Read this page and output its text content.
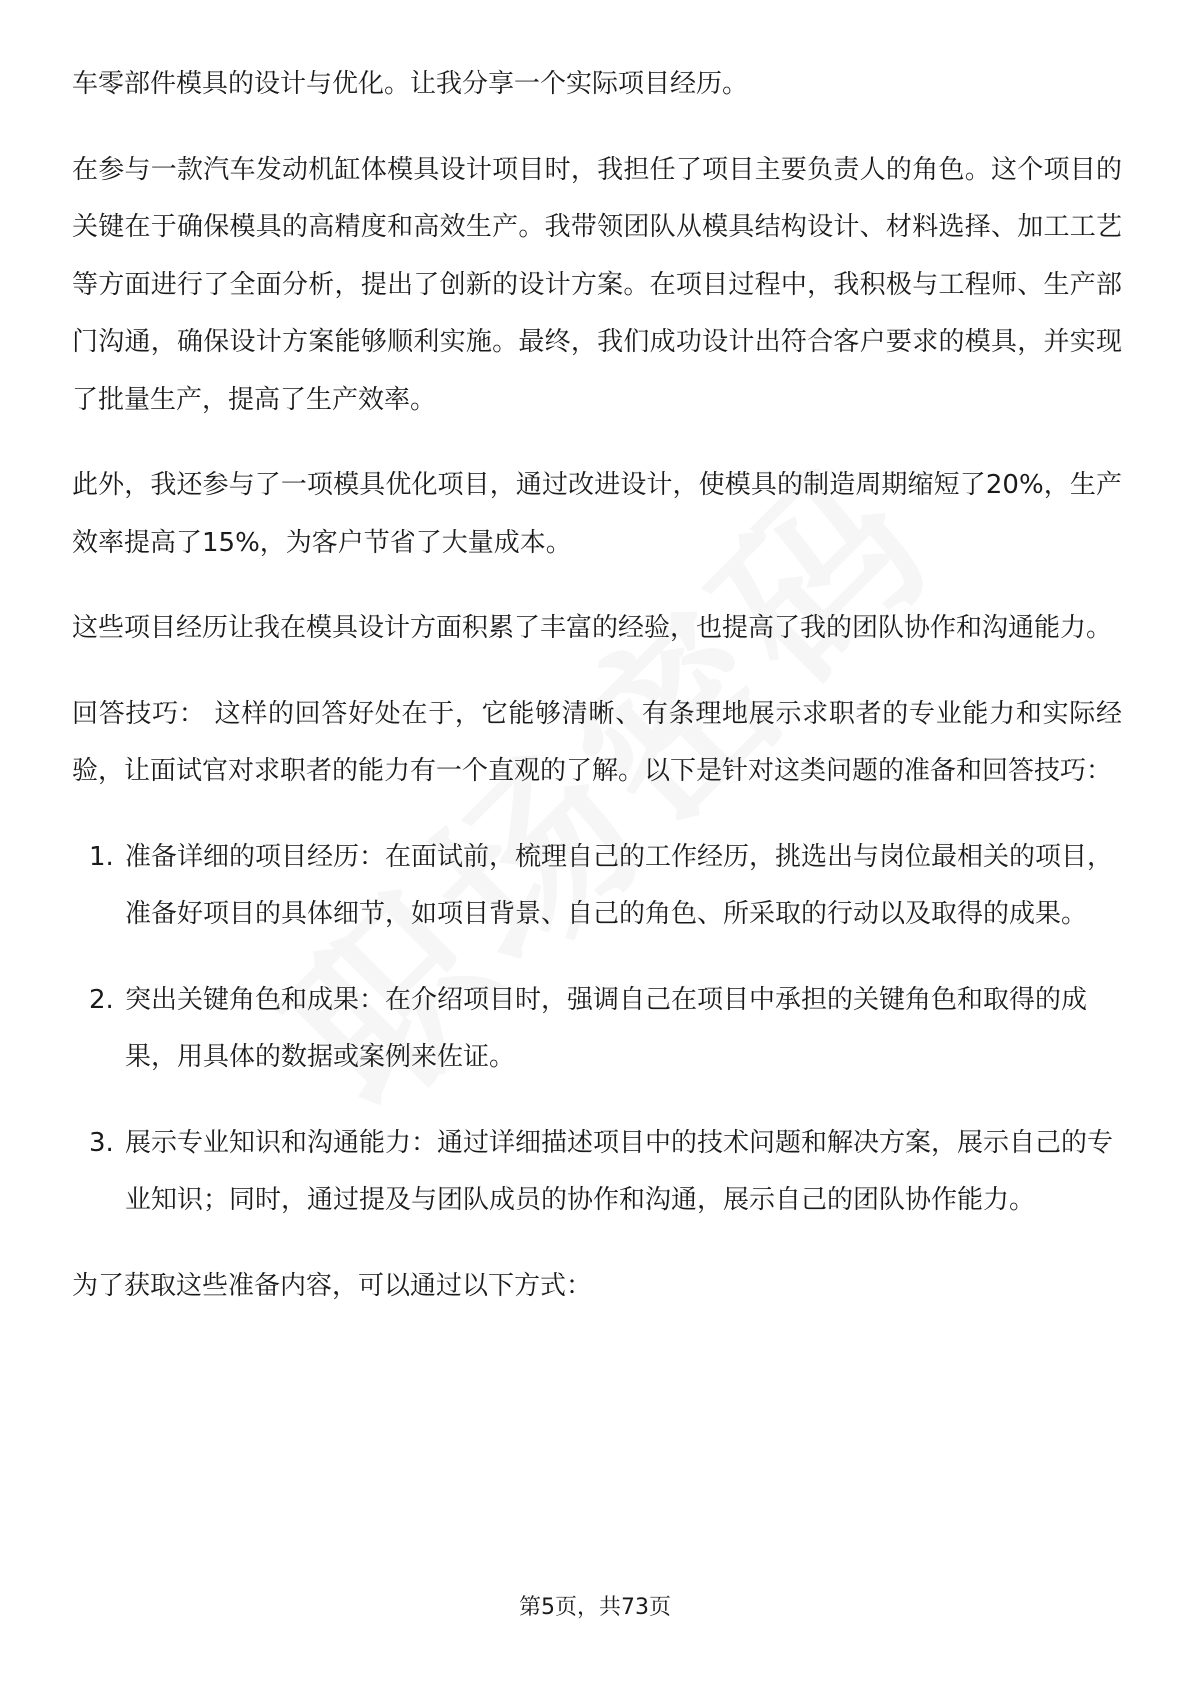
车零部件模具的设计与优化。让我分享一个实际项目经历。

在参与一款汽车发动机缸体模具设计项目时，我担任了项目主要负责人的角色。这个项目的关键在于确保模具的高精度和高效生产。我带领团队从模具结构设计、材料选择、加工工艺等方面进行了全面分析，提出了创新的设计方案。在项目过程中，我积极与工程师、生产部门沟通，确保设计方案能够顺利实施。最终，我们成功设计出符合客户要求的模具，并实现了批量生产，提高了生产效率。

此外，我还参与了一项模具优化项目，通过改进设计，使模具的制造周期缩短了20%，生产效率提高了15%，为客户节省了大量成本。

这些项目经历让我在模具设计方面积累了丰富的经验，也提高了我的团队协作和沟通能力。

回答技巧： 这样的回答好处在于，它能够清晰、有条理地展示求职者的专业能力和实际经验，让面试官对求职者的能力有一个直观的了解。以下是针对这类问题的准备和回答技巧：

1. 准备详细的项目经历：在面试前，梳理自己的工作经历，挑选出与岗位最相关的项目，准备好项目的具体细节，如项目背景、自己的角色、所采取的行动以及取得的成果。
2. 突出关键角色和成果：在介绍项目时，强调自己在项目中承担的关键角色和取得的成果，用具体的数据或案例来佐证。
3. 展示专业知识和沟通能力：通过详细描述项目中的技术问题和解决方案，展示自己的专业知识；同时，通过提及与团队成员的协作和沟通，展示自己的团队协作能力。

为了获取这些准备内容，可以通过以下方式：

第5页，共73页
